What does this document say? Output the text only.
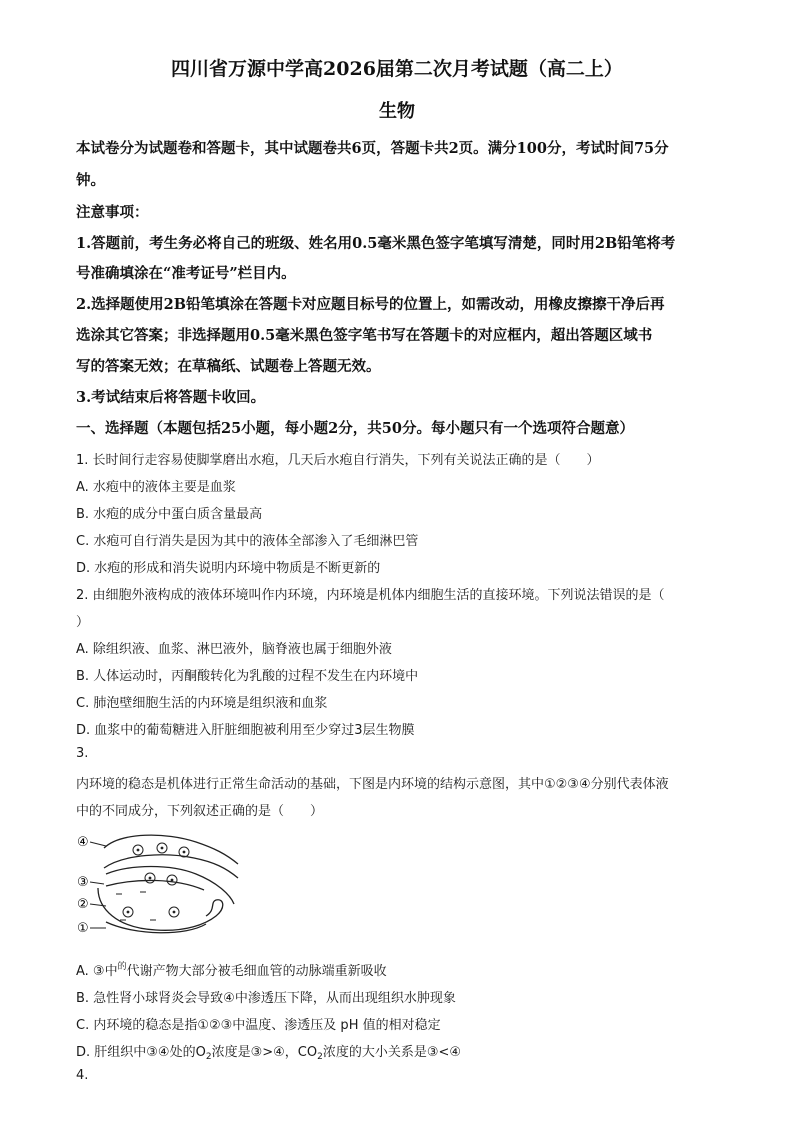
四川省万源中学高2026届第二次月考试题（高二上）
生物
本试卷分为试题卷和答题卡，其中试题卷共6页，答题卡共2页。满分100分，考试时间75分
钟。
注意事项：
1.答题前，考生务必将自己的班级、姓名用0.5毫米黑色签字笔填写清楚，同时用2B铅笔将考
号准确填涂在“准考证号”栏目内。
2.选择题使用2B铅笔填涂在答题卡对应题目标号的位置上，如需改动，用橡皮擦擦干净后再
选涂其它答案；非选择题用0.5毫米黑色签字笔书写在答题卡的对应框内，超出答题区域书
写的答案无效；在草稿纸、试题卷上答题无效。
3.考试结束后将答题卡收回。
一、选择题（本题包括25小题，每小题2分，共50分。每小题只有一个选项符合题意）
1. 长时间行走容易使脚掌磨出水疱，几天后水疱自行消失，下列有关说法正确的是（　　）
A. 水疱中的液体主要是血浆
B. 水疱的成分中蛋白质含量最高
C. 水疱可自行消失是因为其中的液体全部渗入了毛细淋巴管
D. 水疱的形成和消失说明内环境中物质是不断更新的
2. 由细胞外液构成的液体环境叫作内环境，内环境是机体内细胞生活的直接环境。下列说法错误的是（
）
A. 除组织液、血浆、淋巴液外，脑脊液也属于细胞外液
B. 人体运动时，丙酮酸转化为乳酸的过程不发生在内环境中
C. 肺泡壁细胞生活的内环境是组织液和血浆
D. 血浆中的葡萄糖进入肝脏细胞被利用至少穿过3层生物膜
3.
内环境的稳态是机体进行正常生命活动的基础，下图是内环境的结构示意图，其中①②③④分别代表体液
中的不同成分，下列叙述正确的是（　　）
④
③
②
①
A. ③中$^的$代谢产物大部分被毛细血管的动脉端重新吸收
B. 急性肾小球肾炎会导致④中渗透压下降，从而出现组织水肿现象
C. 内环境的稳态是指①②③中温度、渗透压及 pH 值的相对稳定
D. 肝组织中③④处的$O_2$浓度是③>④，$CO_2$浓度的大小关系是③<④
4.
